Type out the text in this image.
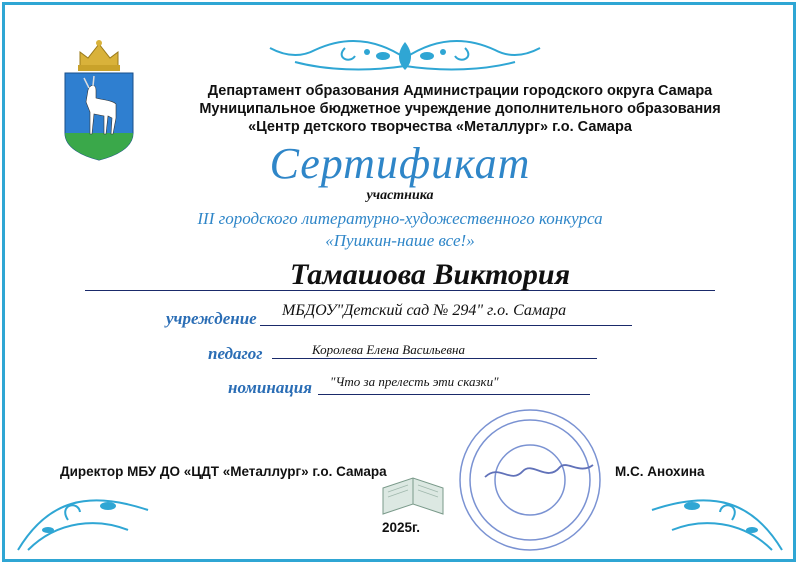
Департамент образования Администрации городского округа Самара
Муниципальное бюджетное учреждение дополнительного образования
«Центр детского творчества «Металлург» г.о. Самара
Сертификат
участника
III городского литературно-художественного конкурса
«Пушкин-наше все!»
Тамашова Виктория
учреждение МБДОУ"Детский сад № 294" г.о. Самара
педагог	Королева Елена Васильевна
номинация "Что за прелесть эти сказки"
Директор МБУ ДО «ЦДТ «Металлург» г.о. Самара	М.С. Анохина
2025г.
